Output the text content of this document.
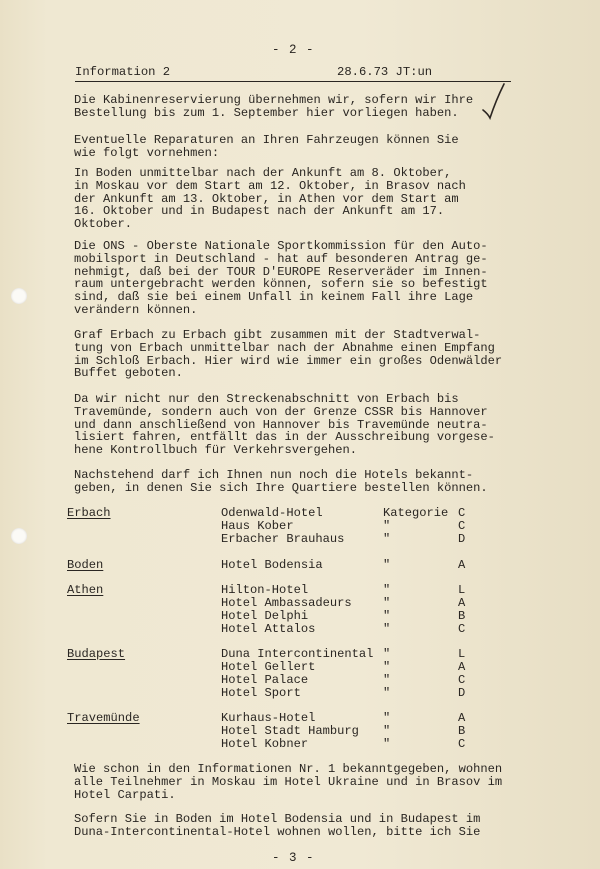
- 2 -
Information 2	28.6.73 JT:un

Die Kabinenreservierung übernehmen wir, sofern wir Ihre
Bestellung bis zum 1. September hier vorliegen haben.

Eventuelle Reparaturen an Ihren Fahrzeugen können Sie
wie folgt vornehmen:

In Boden unmittelbar nach der Ankunft am 8. Oktober,
in Moskau vor dem Start am 12. Oktober, in Brasov nach
der Ankunft am 13. Oktober, in Athen vor dem Start am
16. Oktober und in Budapest nach der Ankunft am 17.
Oktober.

Die ONS - Oberste Nationale Sportkommission für den Auto-
mobilsport in Deutschland - hat auf besonderen Antrag ge-
nehmigt, daß bei der TOUR D'EUROPE Reserveräder im Innen-
raum untergebracht werden können, sofern sie so befestigt
sind, daß sie bei einem Unfall in keinem Fall ihre Lage
verändern können.

Graf Erbach zu Erbach gibt zusammen mit der Stadtverwal-
tung von Erbach unmittelbar nach der Abnahme einen Empfang
im Schloß Erbach. Hier wird wie immer ein großes Odenwälder
Buffet geboten.

Da wir nicht nur den Streckenabschnitt von Erbach bis
Travemünde, sondern auch von der Grenze CSSR bis Hannover
und dann anschließend von Hannover bis Travemünde neutra-
lisiert fahren, entfällt das in der Ausschreibung vorgese-
hene Kontrollbuch für Verkehrsvergehen.

Nachstehend darf ich Ihnen nun noch die Hotels bekannt-
geben, in denen Sie sich Ihre Quartiere bestellen können.

Erbach	Odenwald-Hotel	Kategorie C
Haus Kober	"	C
Erbacher Brauhaus	"	D
Boden	Hotel Bodensia	"	A
Athen	Hilton-Hotel	"	L
Hotel Ambassadeurs	"	A
Hotel Delphi	"	B
Hotel Attalos	"	C
Budapest	Duna Intercontinental "	L
Hotel Gellert	"	A
Hotel Palace	"	C
Hotel Sport	"	D
Travemünde	Kurhaus-Hotel	"	A
Hotel Stadt Hamburg "	B
Hotel Kobner	"	C

Wie schon in den Informationen Nr. 1 bekanntgegeben, wohnen
alle Teilnehmer in Moskau im Hotel Ukraine und in Brasov im
Hotel Carpati.

Sofern Sie in Boden im Hotel Bodensia und in Budapest im
Duna-Intercontinental-Hotel wohnen wollen, bitte ich Sie

- 3 -
